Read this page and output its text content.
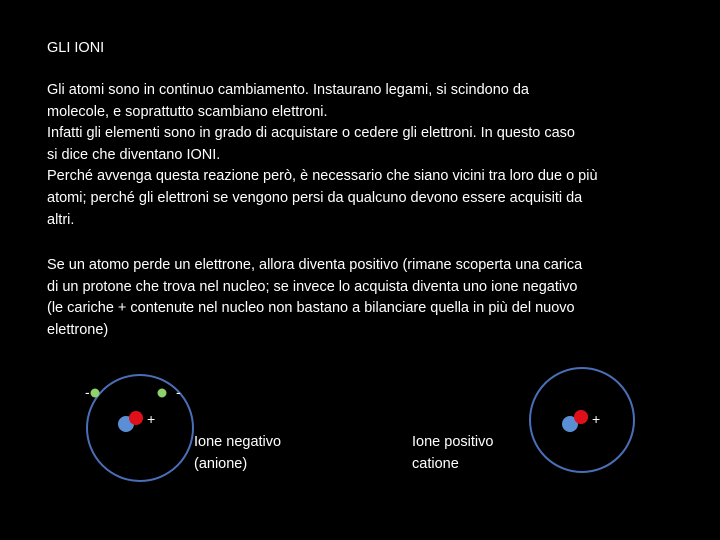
GLI IONI
Gli atomi sono in continuo cambiamento. Instaurano legami, si scindono da
molecole, e soprattutto scambiano elettroni.
Infatti gli elementi sono in grado di acquistare o cedere gli elettroni. In questo caso
si dice che diventano IONI.
Perché avvenga questa reazione però, è necessario che siano vicini tra loro due o più
atomi; perché gli elettroni se vengono persi da qualcuno devono essere acquisiti da
altri.
Se un atomo perde un elettrone, allora diventa positivo (rimane scoperta una carica
di un protone che trova nel nucleo; se invece lo acquista diventa uno ione negativo
(le cariche + contenute nel nucleo non bastano a bilanciare quella in più del nuovo
elettrone)
-	-
+	+
Ione negativo
(anione)
Ione positivo
catione
